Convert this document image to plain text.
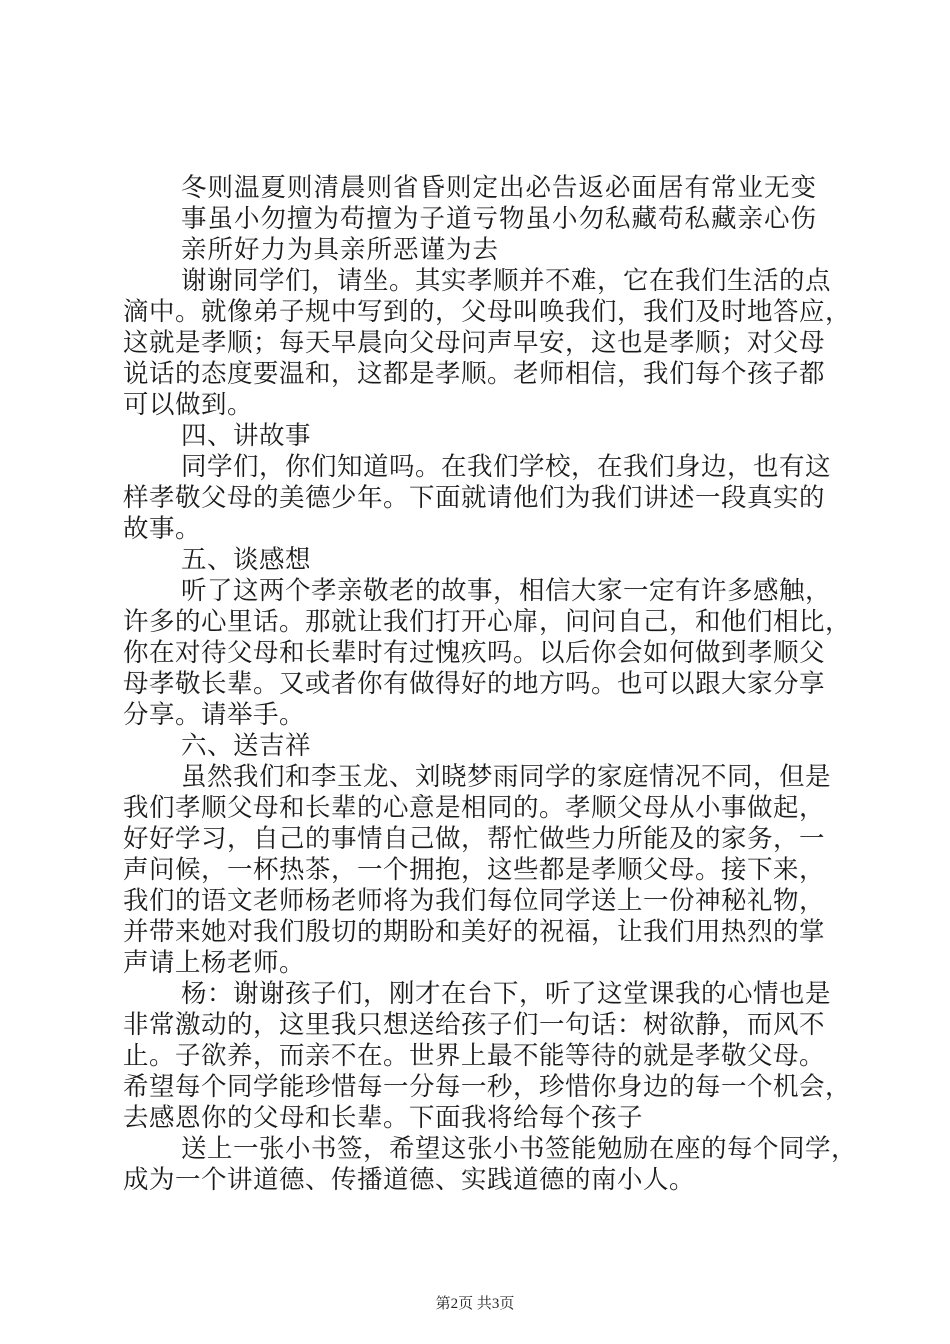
冬则温夏则清晨则省昏则定出必告返必面居有常业无变
事虽小勿擅为苟擅为子道亏物虽小勿私藏苟私藏亲心伤
亲所好力为具亲所恶谨为去
谢谢同学们，请坐。其实孝顺并不难，它在我们生活的点
滴中。就像弟子规中写到的，父母叫唤我们，我们及时地答应，
这就是孝顺；每天早晨向父母问声早安，这也是孝顺；对父母
说话的态度要温和，这都是孝顺。老师相信，我们每个孩子都
可以做到。
四、讲故事
同学们，你们知道吗。在我们学校，在我们身边，也有这
样孝敬父母的美德少年。下面就请他们为我们讲述一段真实的
故事。
五、谈感想
听了这两个孝亲敬老的故事，相信大家一定有许多感触，
许多的心里话。那就让我们打开心扉，问问自己，和他们相比，
你在对待父母和长辈时有过愧疚吗。以后你会如何做到孝顺父
母孝敬长辈。又或者你有做得好的地方吗。也可以跟大家分享
分享。请举手。
六、送吉祥
虽然我们和李玉龙、刘晓梦雨同学的家庭情况不同，但是
我们孝顺父母和长辈的心意是相同的。孝顺父母从小事做起，
好好学习，自己的事情自己做，帮忙做些力所能及的家务，一
声问候，一杯热茶，一个拥抱，这些都是孝顺父母。接下来，
我们的语文老师杨老师将为我们每位同学送上一份神秘礼物，
并带来她对我们殷切的期盼和美好的祝福，让我们用热烈的掌
声请上杨老师。
杨：谢谢孩子们，刚才在台下，听了这堂课我的心情也是
非常激动的，这里我只想送给孩子们一句话：树欲静，而风不
止。子欲养，而亲不在。世界上最不能等待的就是孝敬父母。
希望每个同学能珍惜每一分每一秒，珍惜你身边的每一个机会，
去感恩你的父母和长辈。下面我将给每个孩子
送上一张小书签，希望这张小书签能勉励在座的每个同学，
成为一个讲道德、传播道德、实践道德的南小人。
第2页 共3页
